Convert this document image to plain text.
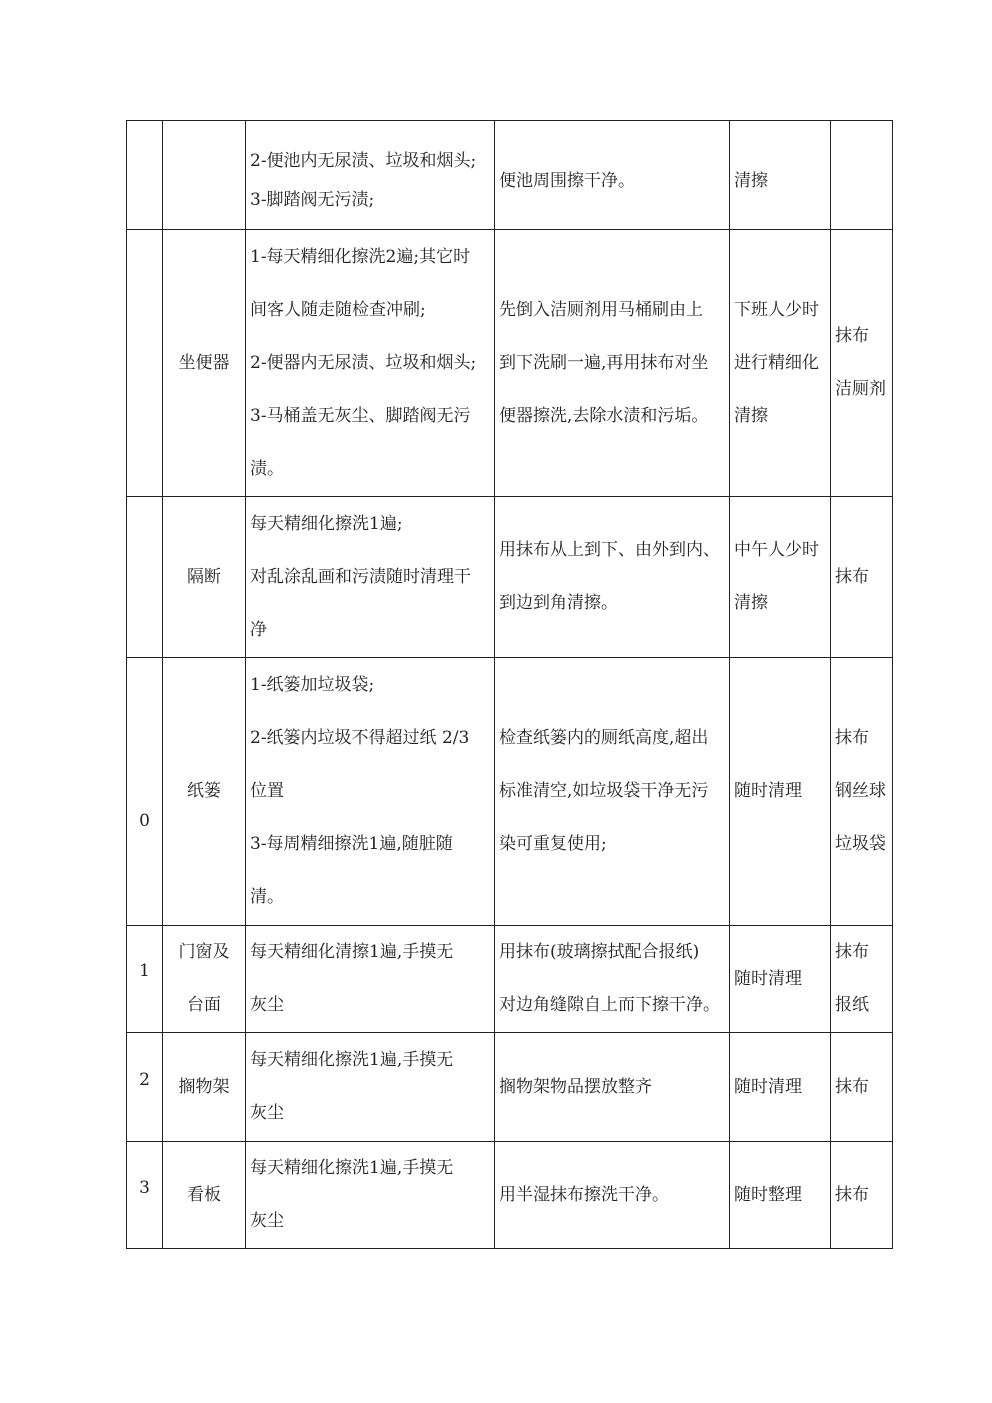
		2-便池内无尿渍、垃圾和烟头;
3-脚踏阀无污渍;	便池周围擦干净。	清擦	

	坐便器	1-每天精细化擦洗2遍;其它时
间客人随走随检查冲刷;
2-便器内无尿渍、垃圾和烟头;
3-马桶盖无灰尘、脚踏阀无污
渍。	先倒入洁厕剂用马桶刷由上
到下洗刷一遍,再用抹布对坐
便器擦洗,去除水渍和污垢。	下班人少时
进行精细化
清擦	抹布
洁厕剂

	隔断	每天精细化擦洗1遍;
对乱涂乱画和污渍随时清理干
净	用抹布从上到下、由外到内、
到边到角清擦。	中午人少时
清擦	抹布

0	纸篓	1-纸篓加垃圾袋;
2-纸篓内垃圾不得超过纸 2/3
位置
3-每周精细擦洗1遍,随脏随
清。	检查纸篓内的厕纸高度,超出
标准清空,如垃圾袋干净无污
染可重复使用;	随时清理	抹布
钢丝球
垃圾袋

1	门窗及
台面	每天精细化清擦1遍,手摸无
灰尘	用抹布(玻璃擦拭配合报纸)
对边角缝隙自上而下擦干净。	随时清理	抹布
报纸

2	搁物架	每天精细化擦洗1遍,手摸无
灰尘	搁物架物品摆放整齐	随时清理	抹布

3	看板	每天精细化擦洗1遍,手摸无
灰尘	用半湿抹布擦洗干净。	随时整理	抹布
